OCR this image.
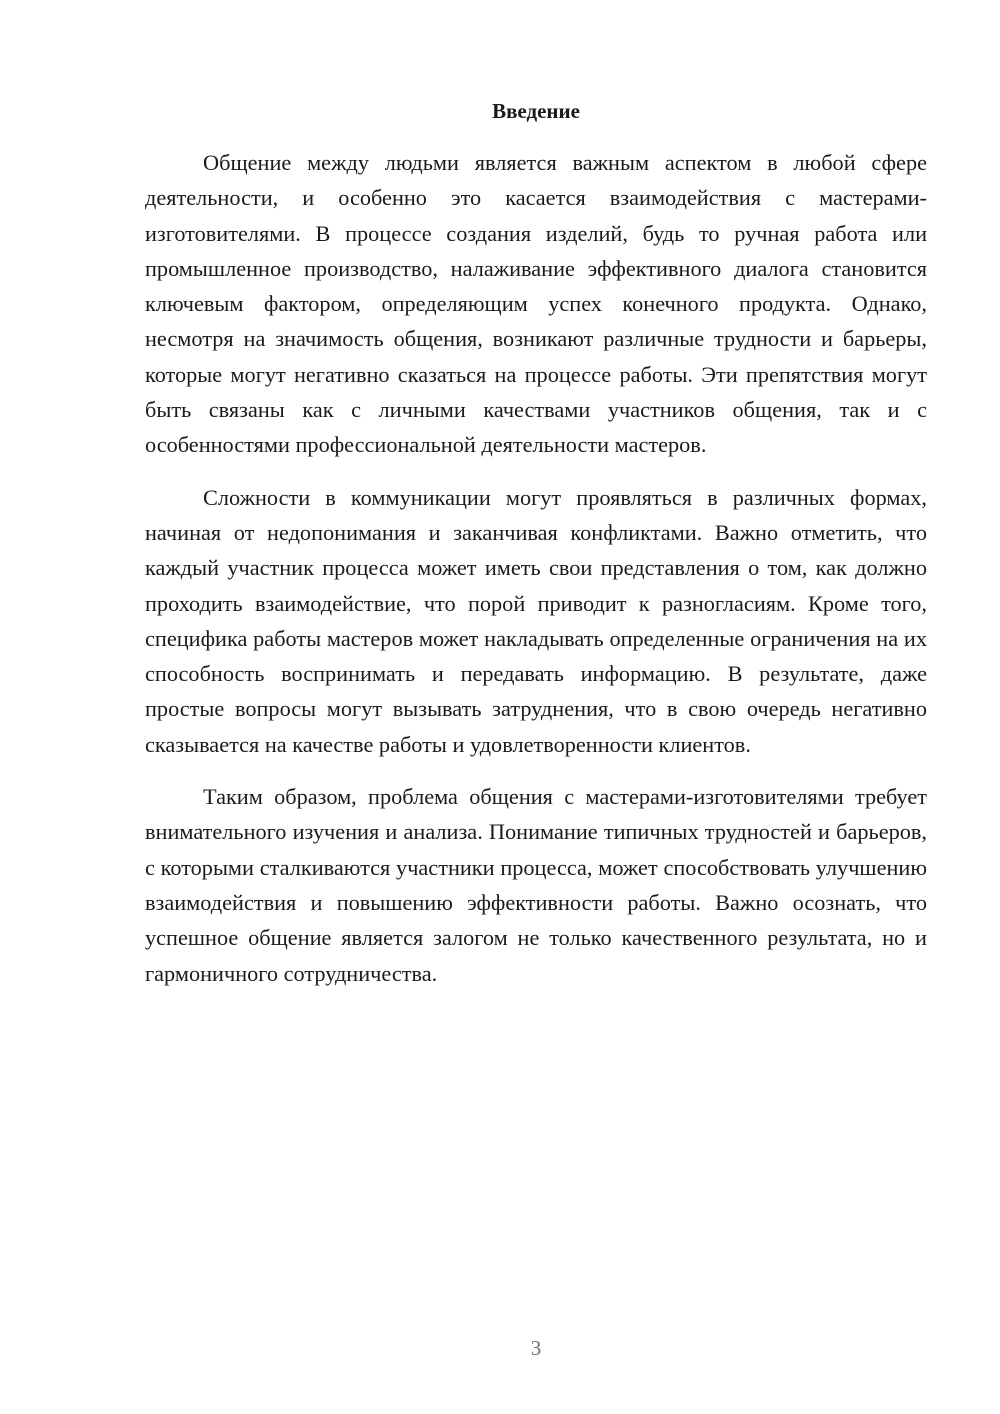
Введение

Общение между людьми является важным аспектом в любой сфере деятельности, и особенно это касается взаимодействия с мастерами-изготовителями. В процессе создания изделий, будь то ручная работа или промышленное производство, налаживание эффективного диалога становится ключевым фактором, определяющим успех конечного продукта. Однако, несмотря на значимость общения, возникают различные трудности и барьеры, которые могут негативно сказаться на процессе работы. Эти препятствия могут быть связаны как с личными качествами участников общения, так и с особенностями профессиональной деятельности мастеров.

Сложности в коммуникации могут проявляться в различных формах, начиная от недопонимания и заканчивая конфликтами. Важно отметить, что каждый участник процесса может иметь свои представления о том, как должно проходить взаимодействие, что порой приводит к разногласиям. Кроме того, специфика работы мастеров может накладывать определенные ограничения на их способность воспринимать и передавать информацию. В результате, даже простые вопросы могут вызывать затруднения, что в свою очередь негативно сказывается на качестве работы и удовлетворенности клиентов.

Таким образом, проблема общения с мастерами-изготовителями требует внимательного изучения и анализа. Понимание типичных трудностей и барьеров, с которыми сталкиваются участники процесса, может способствовать улучшению взаимодействия и повышению эффективности работы. Важно осознать, что успешное общение является залогом не только качественного результата, но и гармоничного сотрудничества.

3
